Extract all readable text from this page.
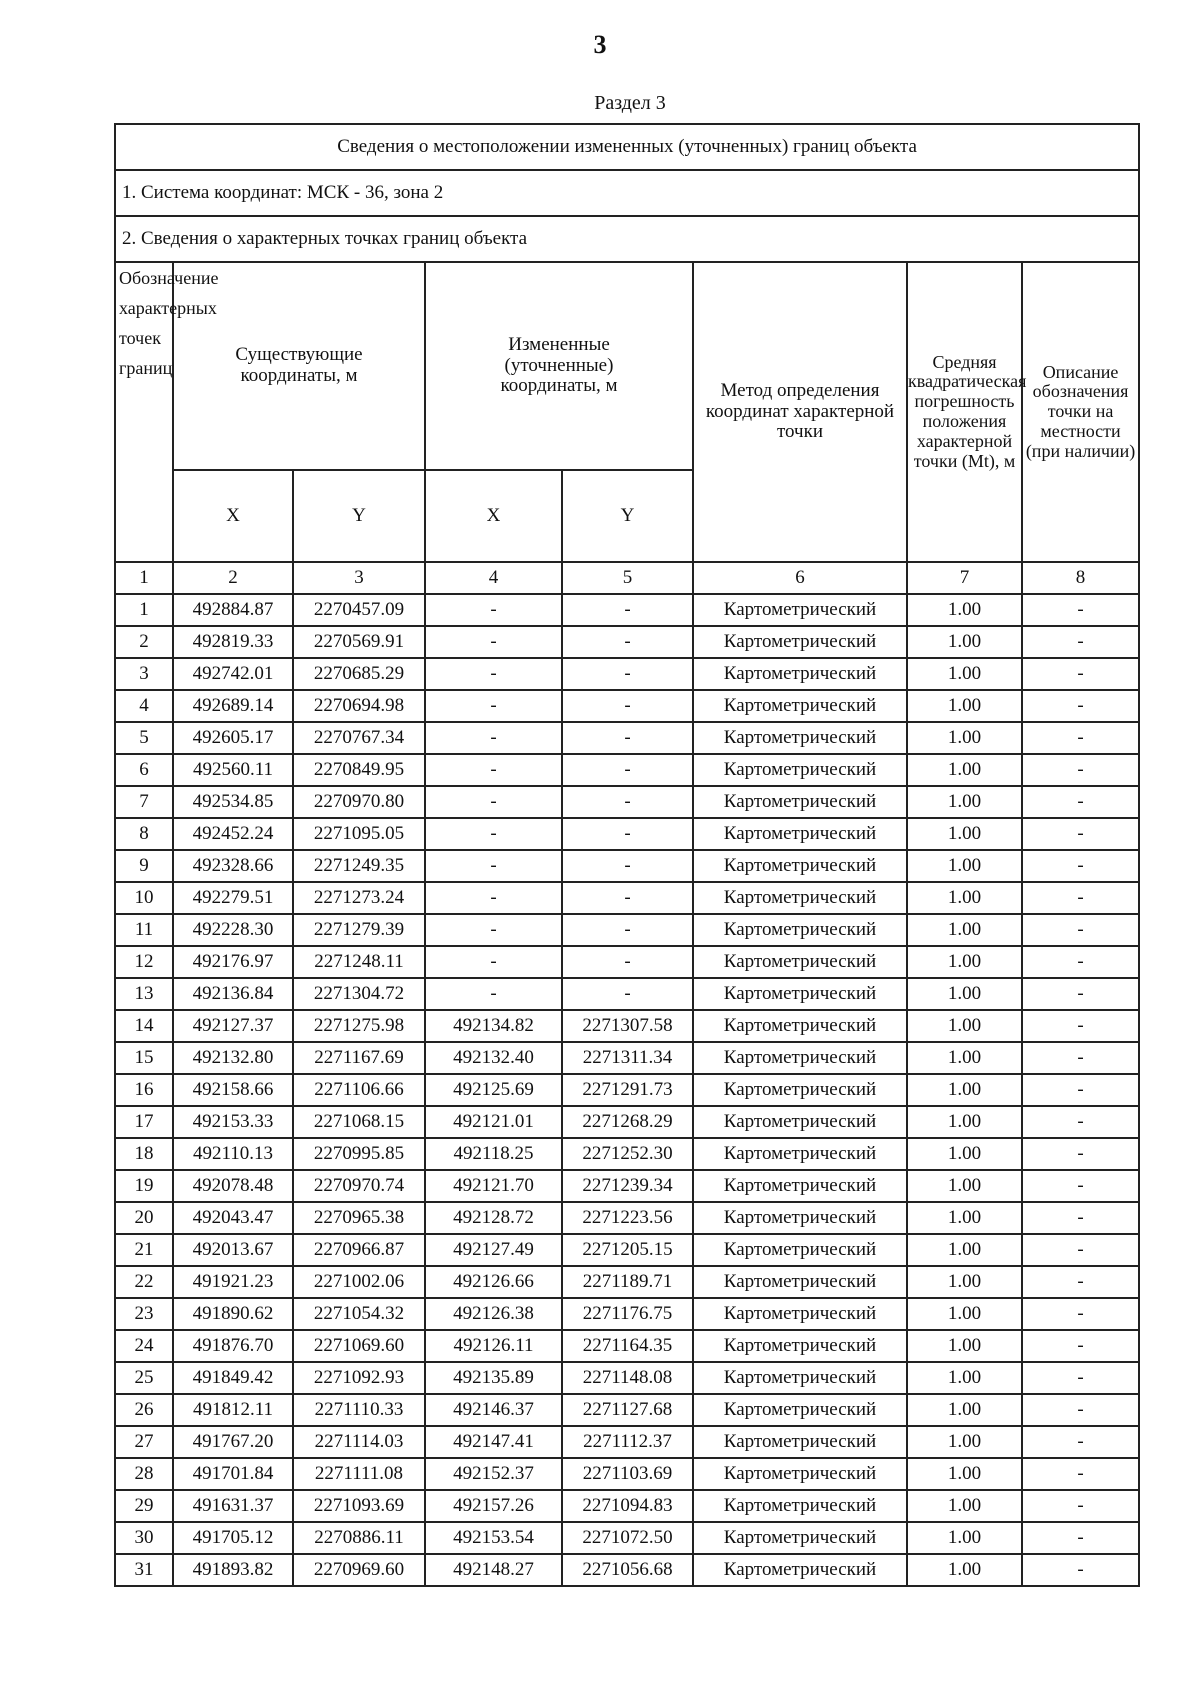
3
Раздел 3
Сведения о местоположении измененных (уточненных) границ объекта							
1. Система координат: МСК - 36, зона 2							
2. Сведения о характерных точках границ объекта							
Обозначение характерных точек границ	Существующие координаты, м		Измененные (уточненные) координаты, м		Метод определения координат характерной точки	Средняя квадратическая погрешность положения характерной точки (Mt), м	Описание обозначения точки на местности (при наличии)
	X	Y	X	Y			
1	2	3	4	5	6	7	8
1	492884.87	2270457.09	-	-	Картометрический	1.00	-
2	492819.33	2270569.91	-	-	Картометрический	1.00	-
3	492742.01	2270685.29	-	-	Картометрический	1.00	-
4	492689.14	2270694.98	-	-	Картометрический	1.00	-
5	492605.17	2270767.34	-	-	Картометрический	1.00	-
6	492560.11	2270849.95	-	-	Картометрический	1.00	-
7	492534.85	2270970.80	-	-	Картометрический	1.00	-
8	492452.24	2271095.05	-	-	Картометрический	1.00	-
9	492328.66	2271249.35	-	-	Картометрический	1.00	-
10	492279.51	2271273.24	-	-	Картометрический	1.00	-
11	492228.30	2271279.39	-	-	Картометрический	1.00	-
12	492176.97	2271248.11	-	-	Картометрический	1.00	-
13	492136.84	2271304.72	-	-	Картометрический	1.00	-
14	492127.37	2271275.98	492134.82	2271307.58	Картометрический	1.00	-
15	492132.80	2271167.69	492132.40	2271311.34	Картометрический	1.00	-
16	492158.66	2271106.66	492125.69	2271291.73	Картометрический	1.00	-
17	492153.33	2271068.15	492121.01	2271268.29	Картометрический	1.00	-
18	492110.13	2270995.85	492118.25	2271252.30	Картометрический	1.00	-
19	492078.48	2270970.74	492121.70	2271239.34	Картометрический	1.00	-
20	492043.47	2270965.38	492128.72	2271223.56	Картометрический	1.00	-
21	492013.67	2270966.87	492127.49	2271205.15	Картометрический	1.00	-
22	491921.23	2271002.06	492126.66	2271189.71	Картометрический	1.00	-
23	491890.62	2271054.32	492126.38	2271176.75	Картометрический	1.00	-
24	491876.70	2271069.60	492126.11	2271164.35	Картометрический	1.00	-
25	491849.42	2271092.93	492135.89	2271148.08	Картометрический	1.00	-
26	491812.11	2271110.33	492146.37	2271127.68	Картометрический	1.00	-
27	491767.20	2271114.03	492147.41	2271112.37	Картометрический	1.00	-
28	491701.84	2271111.08	492152.37	2271103.69	Картометрический	1.00	-
29	491631.37	2271093.69	492157.26	2271094.83	Картометрический	1.00	-
30	491705.12	2270886.11	492153.54	2271072.50	Картометрический	1.00	-
31	491893.82	2270969.60	492148.27	2271056.68	Картометрический	1.00	-
